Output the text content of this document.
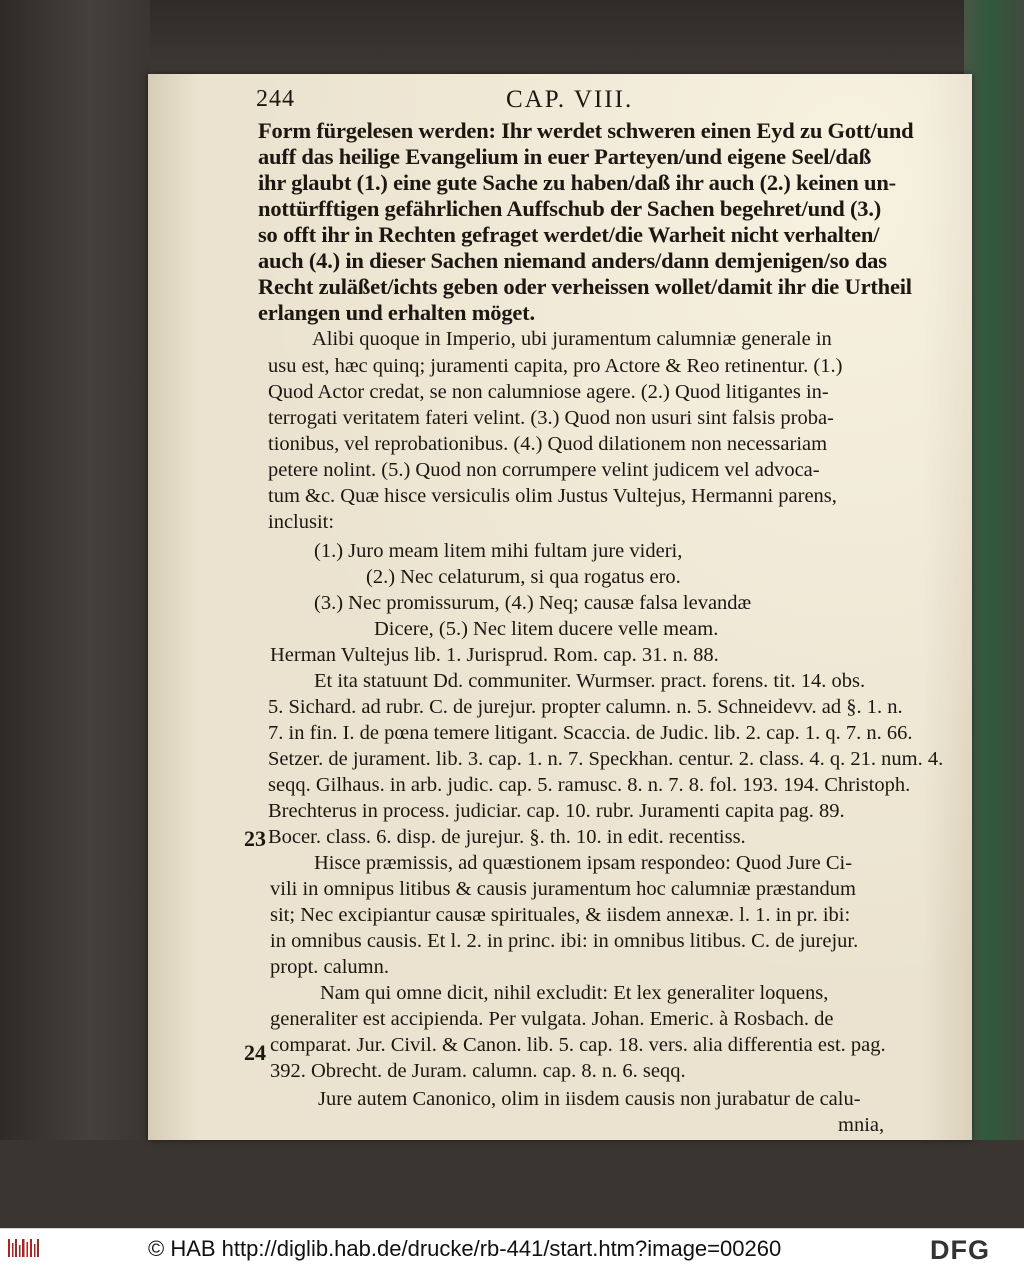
244	CAP. VIII.
23
24
Form fürgelesen werden: Ihr werdet schweren einen Eyd zu Gott/und
auff das heilige Evangelium in euer Parteyen/und eigene Seel/daß
ihr glaubt (1.) eine gute Sache zu haben/daß ihr auch (2.) keinen un-
nottürfftigen gefährlichen Auffschub der Sachen begehret/und (3.)
so offt ihr in Rechten gefraget werdet/die Warheit nicht verhalten/
auch (4.) in dieser Sachen niemand anders/dann demjenigen/so das
Recht zuläßet/ichts geben oder verheissen wollet/damit ihr die Urtheil
erlangen und erhalten möget.
Alibi quoque in Imperio, ubi juramentum calumniæ generale in
usu est, hæc quinq; juramenti capita, pro Actore & Reo retinentur. (1.)
Quod Actor credat, se non calumniose agere. (2.) Quod litigantes in-
terrogati veritatem fateri velint. (3.) Quod non usuri sint falsis proba-
tionibus, vel reprobationibus. (4.) Quod dilationem non necessariam
petere nolint. (5.) Quod non corrumpere velint judicem vel advoca-
tum &c. Quæ hisce versiculis olim Justus Vultejus, Hermanni parens,
inclusit:
(1.) Juro meam litem mihi fultam jure videri,
(2.) Nec celaturum, si qua rogatus ero.
(3.) Nec promissurum, (4.) Neq; causæ falsa levandæ
Dicere, (5.) Nec litem ducere velle meam.
Herman Vultejus lib. 1. Jurisprud. Rom. cap. 31. n. 88.
Et ita statuunt Dd. communiter. Wurmser. pract. forens. tit. 14. obs.
5. Sichard. ad rubr. C. de jurejur. propter calumn. n. 5. Schneidevv. ad §. 1. n.
7. in fin. I. de pœna temere litigant. Scaccia. de Judic. lib. 2. cap. 1. q. 7. n. 66.
Setzer. de jurament. lib. 3. cap. 1. n. 7. Speckhan. centur. 2. class. 4. q. 21. num. 4.
seqq. Gilhaus. in arb. judic. cap. 5. ramusc. 8. n. 7. 8. fol. 193. 194. Christoph.
Brechterus in process. judiciar. cap. 10. rubr. Juramenti capita pag. 89.
Bocer. class. 6. disp. de jurejur. §. th. 10. in edit. recentiss.
Hisce præmissis, ad quæstionem ipsam respondeo: Quod Jure Ci-
vili in omnipus litibus & causis juramentum hoc calumniæ præstandum
sit; Nec excipiantur causæ spirituales, & iisdem annexæ. l. 1. in pr. ibi:
in omnibus causis. Et l. 2. in princ. ibi: in omnibus litibus. C. de jurejur.
propt. calumn.
Nam qui omne dicit, nihil excludit: Et lex generaliter loquens,
generaliter est accipienda. Per vulgata. Johan. Emeric. à Rosbach. de
comparat. Jur. Civil. & Canon. lib. 5. cap. 18. vers. alia differentia est. pag.
392. Obrecht. de Juram. calumn. cap. 8. n. 6. seqq.
Jure autem Canonico, olim in iisdem causis non jurabatur de calu-
mnia,
© HAB http://diglib.hab.de/drucke/rb-441/start.htm?image=00260	DFG
